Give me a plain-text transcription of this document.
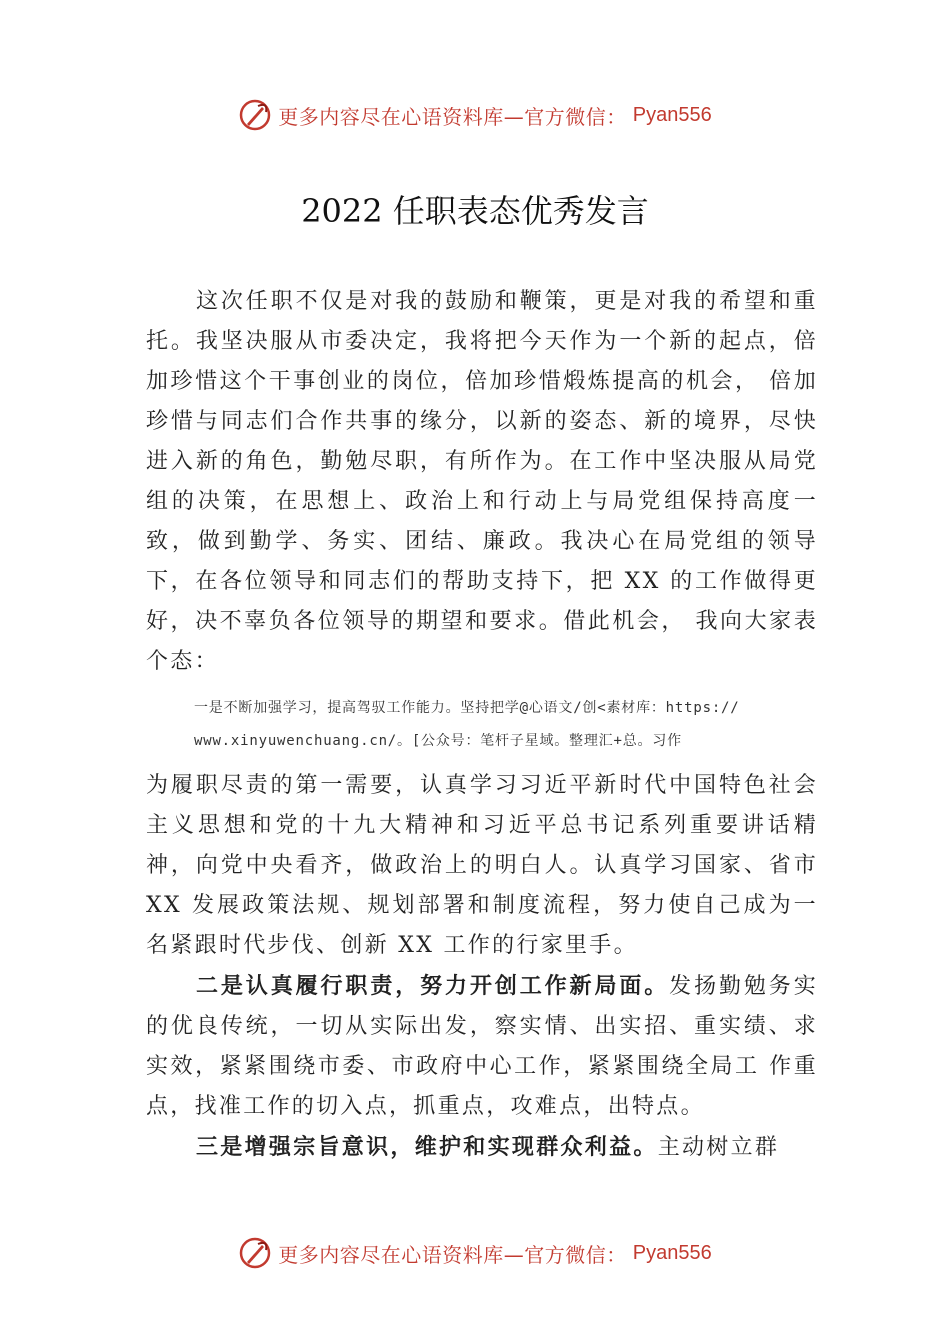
更多内容尽在心语资料库—官方微信： Pyan556
2022 任职表态优秀发言

这次任职不仅是对我的鼓励和鞭策，更是对我的希望和重托。我坚决服从市委决定，我将把今天作为一个新的起点，倍加珍惜这个干事创业的岗位，倍加珍惜煅炼提高的机会， 倍加珍惜与同志们合作共事的缘分，以新的姿态、新的境界，尽快进入新的角色，勤勉尽职，有所作为。在工作中坚决服从局党组的决策，在思想上、政治上和行动上与局党组保持高度一致，做到勤学、务实、团结、廉政。我决心在局党组的领导下，在各位领导和同志们的帮助支持下，把 XX 的工作做得更好，决不辜负各位领导的期望和要求。借此机会， 我向大家表个态：

一是不断加强学习，提高驾驭工作能力。坚持把学@心语文/创<素材库：https://

www.xinyuwenchuang.cn/。[公众号：笔杆子星域。整理汇+总。习作

为履职尽责的第一需要，认真学习习近平新时代中国特色社会主义思想和党的十九大精神和习近平总书记系列重要讲话精神，向党中央看齐，做政治上的明白人。认真学习国家、省市 XX 发展政策法规、规划部署和制度流程，努力使自己成为一名紧跟时代步伐、创新 XX 工作的行家里手。

二是认真履行职责，努力开创工作新局面。发扬勤勉务实的优良传统，一切从实际出发，察实情、出实招、重实绩、求实效，紧紧围绕市委、市政府中心工作，紧紧围绕全局工 作重点，找准工作的切入点，抓重点，攻难点，出特点。

三是增强宗旨意识，维护和实现群众利益。主动树立群

更多内容尽在心语资料库—官方微信： Pyan556
